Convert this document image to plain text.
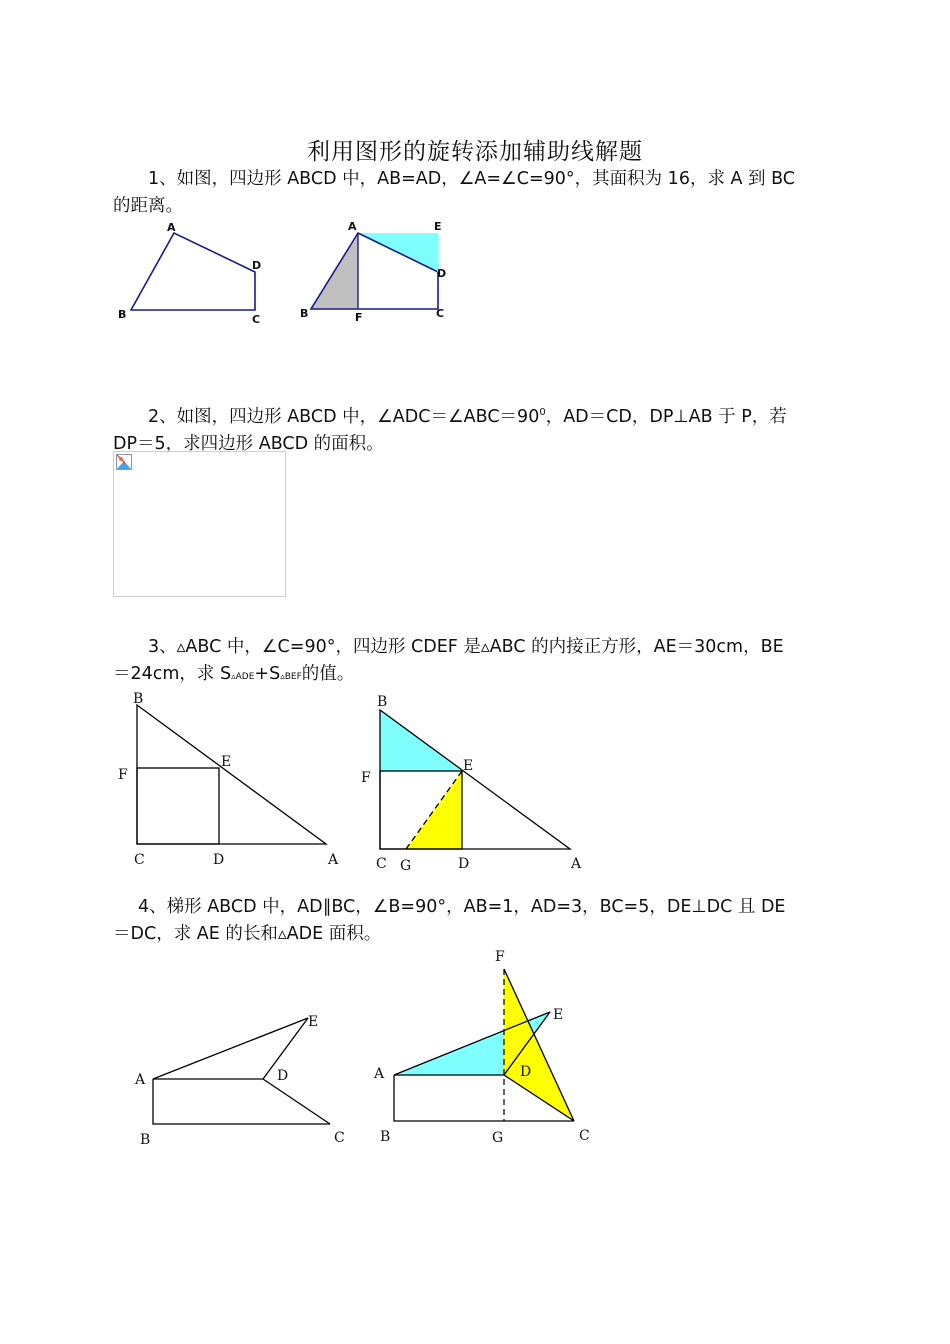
利用图形的旋转添加辅助线解题

1、如图，四边形 ABCD 中，AB=AD，∠A=∠C=90°，其面积为 16，求 A 到 BC
的距离。

A
B	C
D
A
B	C
D
E
F

2、如图，四边形 ABCD 中，$\angle ADC=\angle ABC=90^0$，AD＝CD，DP⊥AB 于 P，若
DP＝5，求四边形 ABCD 的面积。

3、▵ABC 中，∠C=90°，四边形 CDEF 是▵ABC 的内接正方形，AE＝30cm，BE
＝24cm，求 S▵ADE+S▵BEF的值。

B
F
E
C	D	A
B
F
E
C G	D	A

4、梯形 ABCD 中，AD∥BC，∠B=90°，AB=1，AD=3，BC=5，DE⊥DC 且 DE
＝DC，求 AE 的长和▵ADE 面积。

A
B	C
D
E
F
E
A	D
B	G	C
